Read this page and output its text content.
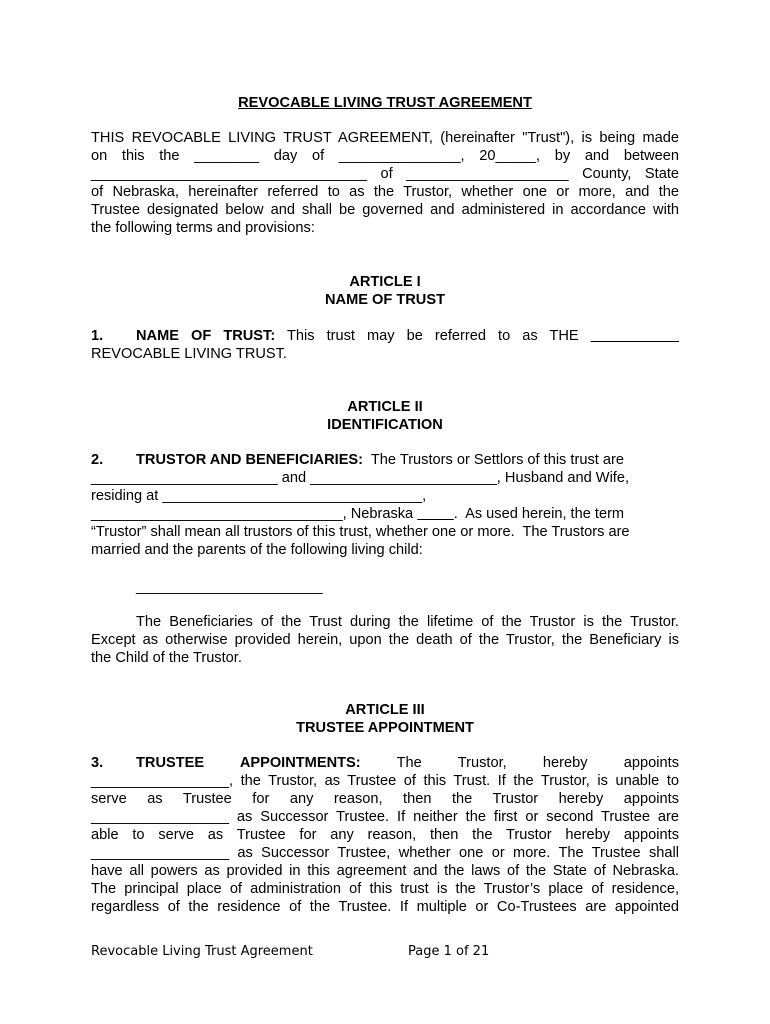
REVOCABLE LIVING TRUST AGREEMENT
THIS REVOCABLE LIVING TRUST AGREEMENT, (hereinafter "Trust"), is being made
on this the ________ day of _______________, 20_____, by and between
__________________________________ of ____________________ County, State
of Nebraska, hereinafter referred to as the Trustor, whether one or more, and the
Trustee designated below and shall be governed and administered in accordance with
the following terms and provisions:
ARTICLE I
NAME OF TRUST
1. NAME OF TRUST: This trust may be referred to as THE
REVOCABLE LIVING TRUST.
ARTICLE II
IDENTIFICATION
2. TRUSTOR AND BENEFICIARIES: The Trustors or Settlors of this trust are
_______________________ and _______________________, Husband and Wife,
residing at ________________________________,
_______________________________, Nebraska	.  As used herein, the term
“Trustor” shall mean all trustors of this trust, whether one or more.  The Trustors are
married and the parents of the following living child:
_______________________
The Beneficiaries of the Trust during the lifetime of the Trustor is the Trustor.
Except as otherwise provided herein, upon the death of the Trustor, the Beneficiary is
the Child of the Trustor.
ARTICLE III
TRUSTEE APPOINTMENT
3. TRUSTEE APPOINTMENTS: The Trustor, hereby appoints
_________________, the Trustor, as Trustee of this Trust. If the Trustor, is unable to
serve as Trustee for any reason, then the Trustor hereby appoints
_________________ as Successor Trustee. If neither the first or second Trustee are
able to serve as Trustee for any reason, then the Trustor hereby appoints
_________________ as Successor Trustee, whether one or more. The Trustee shall
have all powers as provided in this agreement and the laws of the State of Nebraska.
The principal place of administration of this trust is the Trustor’s place of residence,
regardless of the residence of the Trustee. If multiple or Co-Trustees are appointed
Revocable Living Trust Agreement	Page 1 of 21
